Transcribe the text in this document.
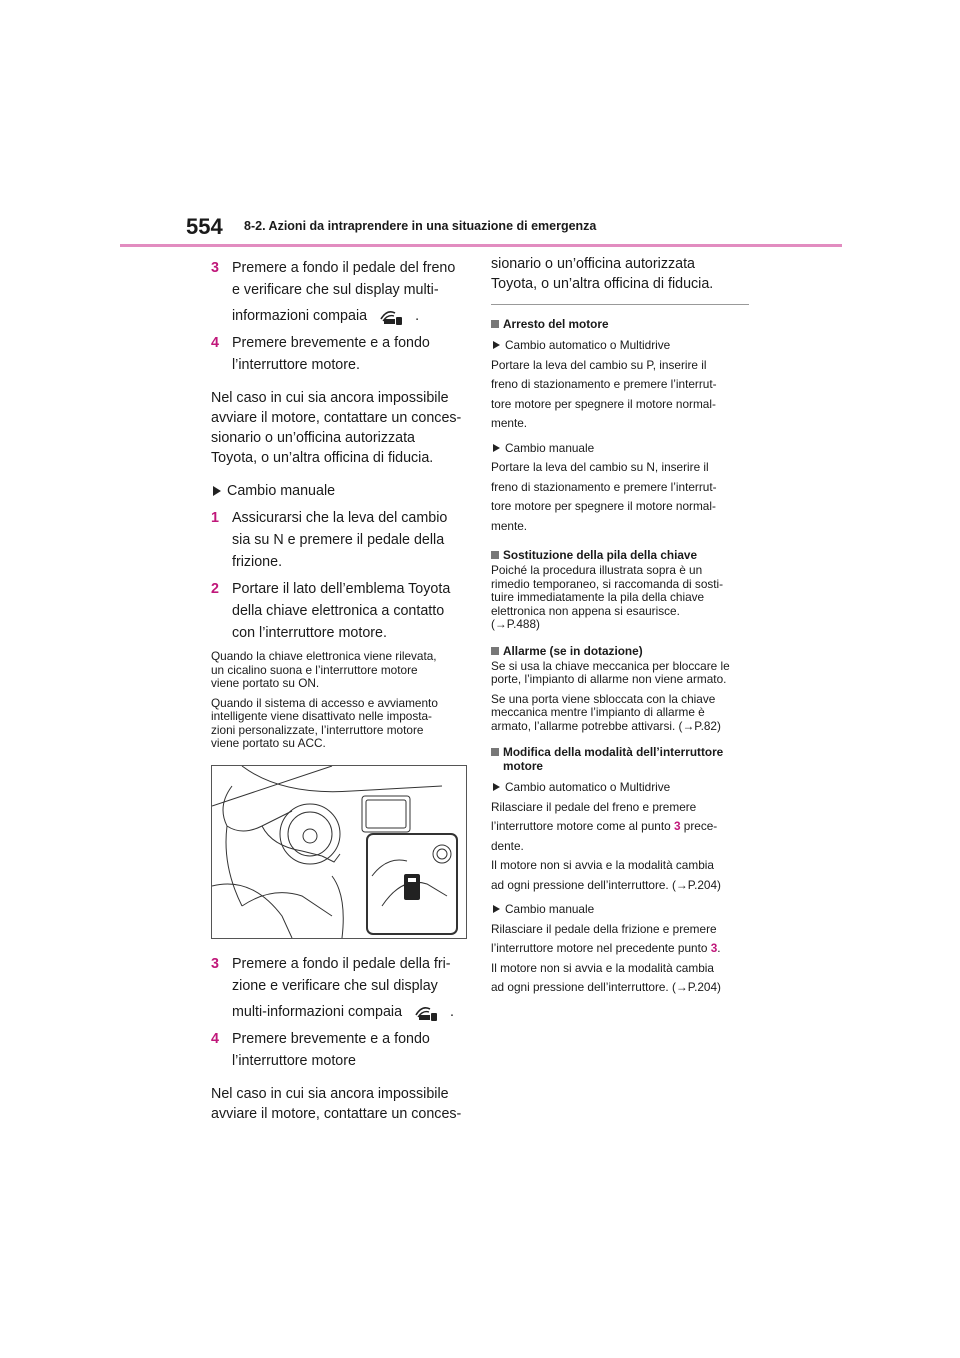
554 8-2. Azioni da intraprendere in una situazione di emergenza
3 Premere a fondo il pedale del freno
e verificare che sul display multi-
informazioni compaia	.
4 Premere brevemente e a fondo
l’interruttore motore.
Nel caso in cui sia ancora impossibile
avviare il motore, contattare un conces-
sionario o un’officina autorizzata
Toyota, o un’altra officina di fiducia.
Cambio manuale
1 Assicurarsi che la leva del cambio
sia su N e premere il pedale della
frizione.
2 Portare il lato dell’emblema Toyota
della chiave elettronica a contatto
con l’interruttore motore.
Quando la chiave elettronica viene rilevata,
un cicalino suona e l’interruttore motore
viene portato su ON.
Quando il sistema di accesso e avviamento
intelligente viene disattivato nelle imposta-
zioni personalizzate, l’interruttore motore
viene portato su ACC.
3 Premere a fondo il pedale della fri-
zione e verificare che sul display
multi-informazioni compaia	.
4 Premere brevemente e a fondo
l’interruttore motore
Nel caso in cui sia ancora impossibile
avviare il motore, contattare un conces-
sionario o un’officina autorizzata
Toyota, o un’altra officina di fiducia.
Arresto del motore
Cambio automatico o Multidrive
Portare la leva del cambio su P, inserire il
freno di stazionamento e premere l’interrut-
tore motore per spegnere il motore normal-
mente.
Cambio manuale
Portare la leva del cambio su N, inserire il
freno di stazionamento e premere l’interrut-
tore motore per spegnere il motore normal-
mente.
Sostituzione della pila della chiave
Poiché la procedura illustrata sopra è un
rimedio temporaneo, si raccomanda di sosti-
tuire immediatamente la pila della chiave
elettronica non appena si esaurisce.
(→P.488)
Allarme (se in dotazione)
Se si usa la chiave meccanica per bloccare le
porte, l’impianto di allarme non viene armato.
Se una porta viene sbloccata con la chiave
meccanica mentre l’impianto di allarme è
armato, l’allarme potrebbe attivarsi. (→P.82)
Modifica della modalità dell’interruttore
motore
Cambio automatico o Multidrive
Rilasciare il pedale del freno e premere
l’interruttore motore come al punto 3 prece-
dente.
Il motore non si avvia e la modalità cambia
ad ogni pressione dell’interruttore. (→P.204)
Cambio manuale
Rilasciare il pedale della frizione e premere
l’interruttore motore nel precedente punto 3.
Il motore non si avvia e la modalità cambia
ad ogni pressione dell’interruttore. (→P.204)
